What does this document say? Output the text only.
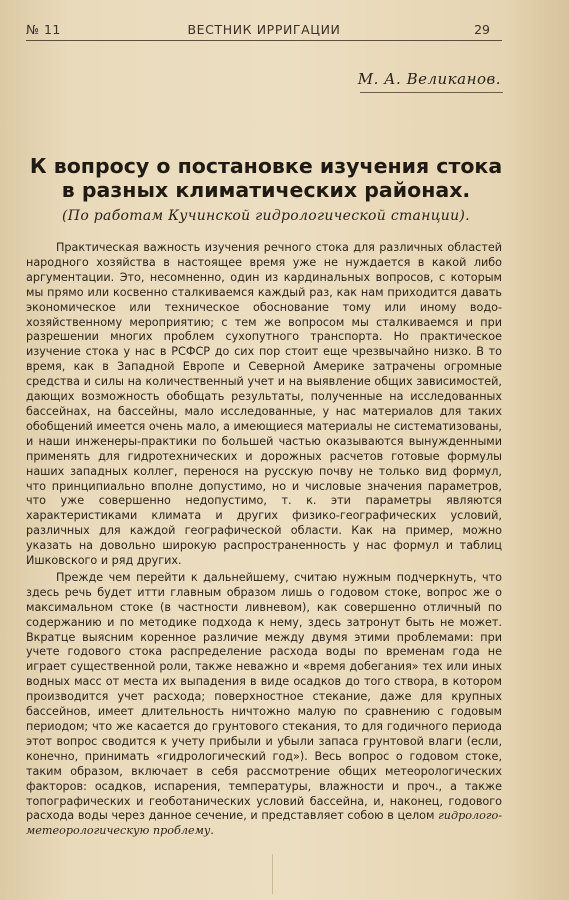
№ 11	ВЕСТНИК ИРРИГАЦИИ	29
М. А. Великанов.
К вопросу о постановке изучения стока
в разных климатических районах.
(По работам Кучинской гидрологической станции).

Практическая важность изучения речного стока для различных областей народного хозяйства в настоящее время уже не нуждается в какой либо аргументации. Это, несомненно, один из кардинальных вопросов, с которым мы прямо или косвенно сталкиваемся каждый раз, как нам приходится давать экономическое или техническое обоснование тому или иному водо-хозяйственному мероприятию; с тем же вопросом мы сталкиваемся и при разрешении многих проблем сухопутного транспорта. Но практическое изучение стока у нас в РСФСР до сих пор стоит еще чрезвычайно низко. В то время, как в Западной Европе и Северной Америке затрачены огромные средства и силы на количественный учет и на выявление общих зависимостей, дающих возможность обобщать результаты, полученные на исследованных бассейнах, на бассейны, мало исследованные, у нас материалов для таких обобщений имеется очень мало, а имеющиеся материалы не систематизованы, и наши инженеры-практики по большей частью оказываются вынужденными применять для гидротехнических и дорожных расчетов готовые формулы наших западных коллег, перенося на русскую почву не только вид формул, что принципиально вполне допустимо, но и числовые значения параметров, что уже совершенно недопустимо, т. к. эти параметры являются характеристиками климата и других физико-географических условий, различных для каждой географической области. Как на пример, можно указать на довольно широкую распространенность у нас формул и таблиц Ишковского и ряд других.

Прежде чем перейти к дальнейшему, считаю нужным подчеркнуть, что здесь речь будет итти главным образом лишь о годовом стоке, вопрос же о максимальном стоке (в частности ливневом), как совершенно отличный по содержанию и по методике подхода к нему, здесь затронут быть не может. Вкратце выясним коренное различие между двумя этими проблемами: при учете годового стока распределение расхода воды по временам года не играет существенной роли, также неважно и «время добегания» тех или иных водных масс от места их выпадения в виде осадков до того створа, в котором производится учет расхода; поверхностное стекание, даже для крупных бассейнов, имеет длительность ничтожно малую по сравнению с годовым периодом; что же касается до грунтового стекания, то для годичного периода этот вопрос сводится к учету прибыли и убыли запаса грунтовой влаги (если, конечно, принимать «гидрологический год»). Весь вопрос о годовом стоке, таким образом, включает в себя рассмотрение общих метеорологических факторов: осадков, испарения, температуры, влажности и проч., а также топографических и геоботанических условий бассейна, и, наконец, годового расхода воды через данное сечение, и представляет собою в целом гидролого-метеорологическую проблему.
